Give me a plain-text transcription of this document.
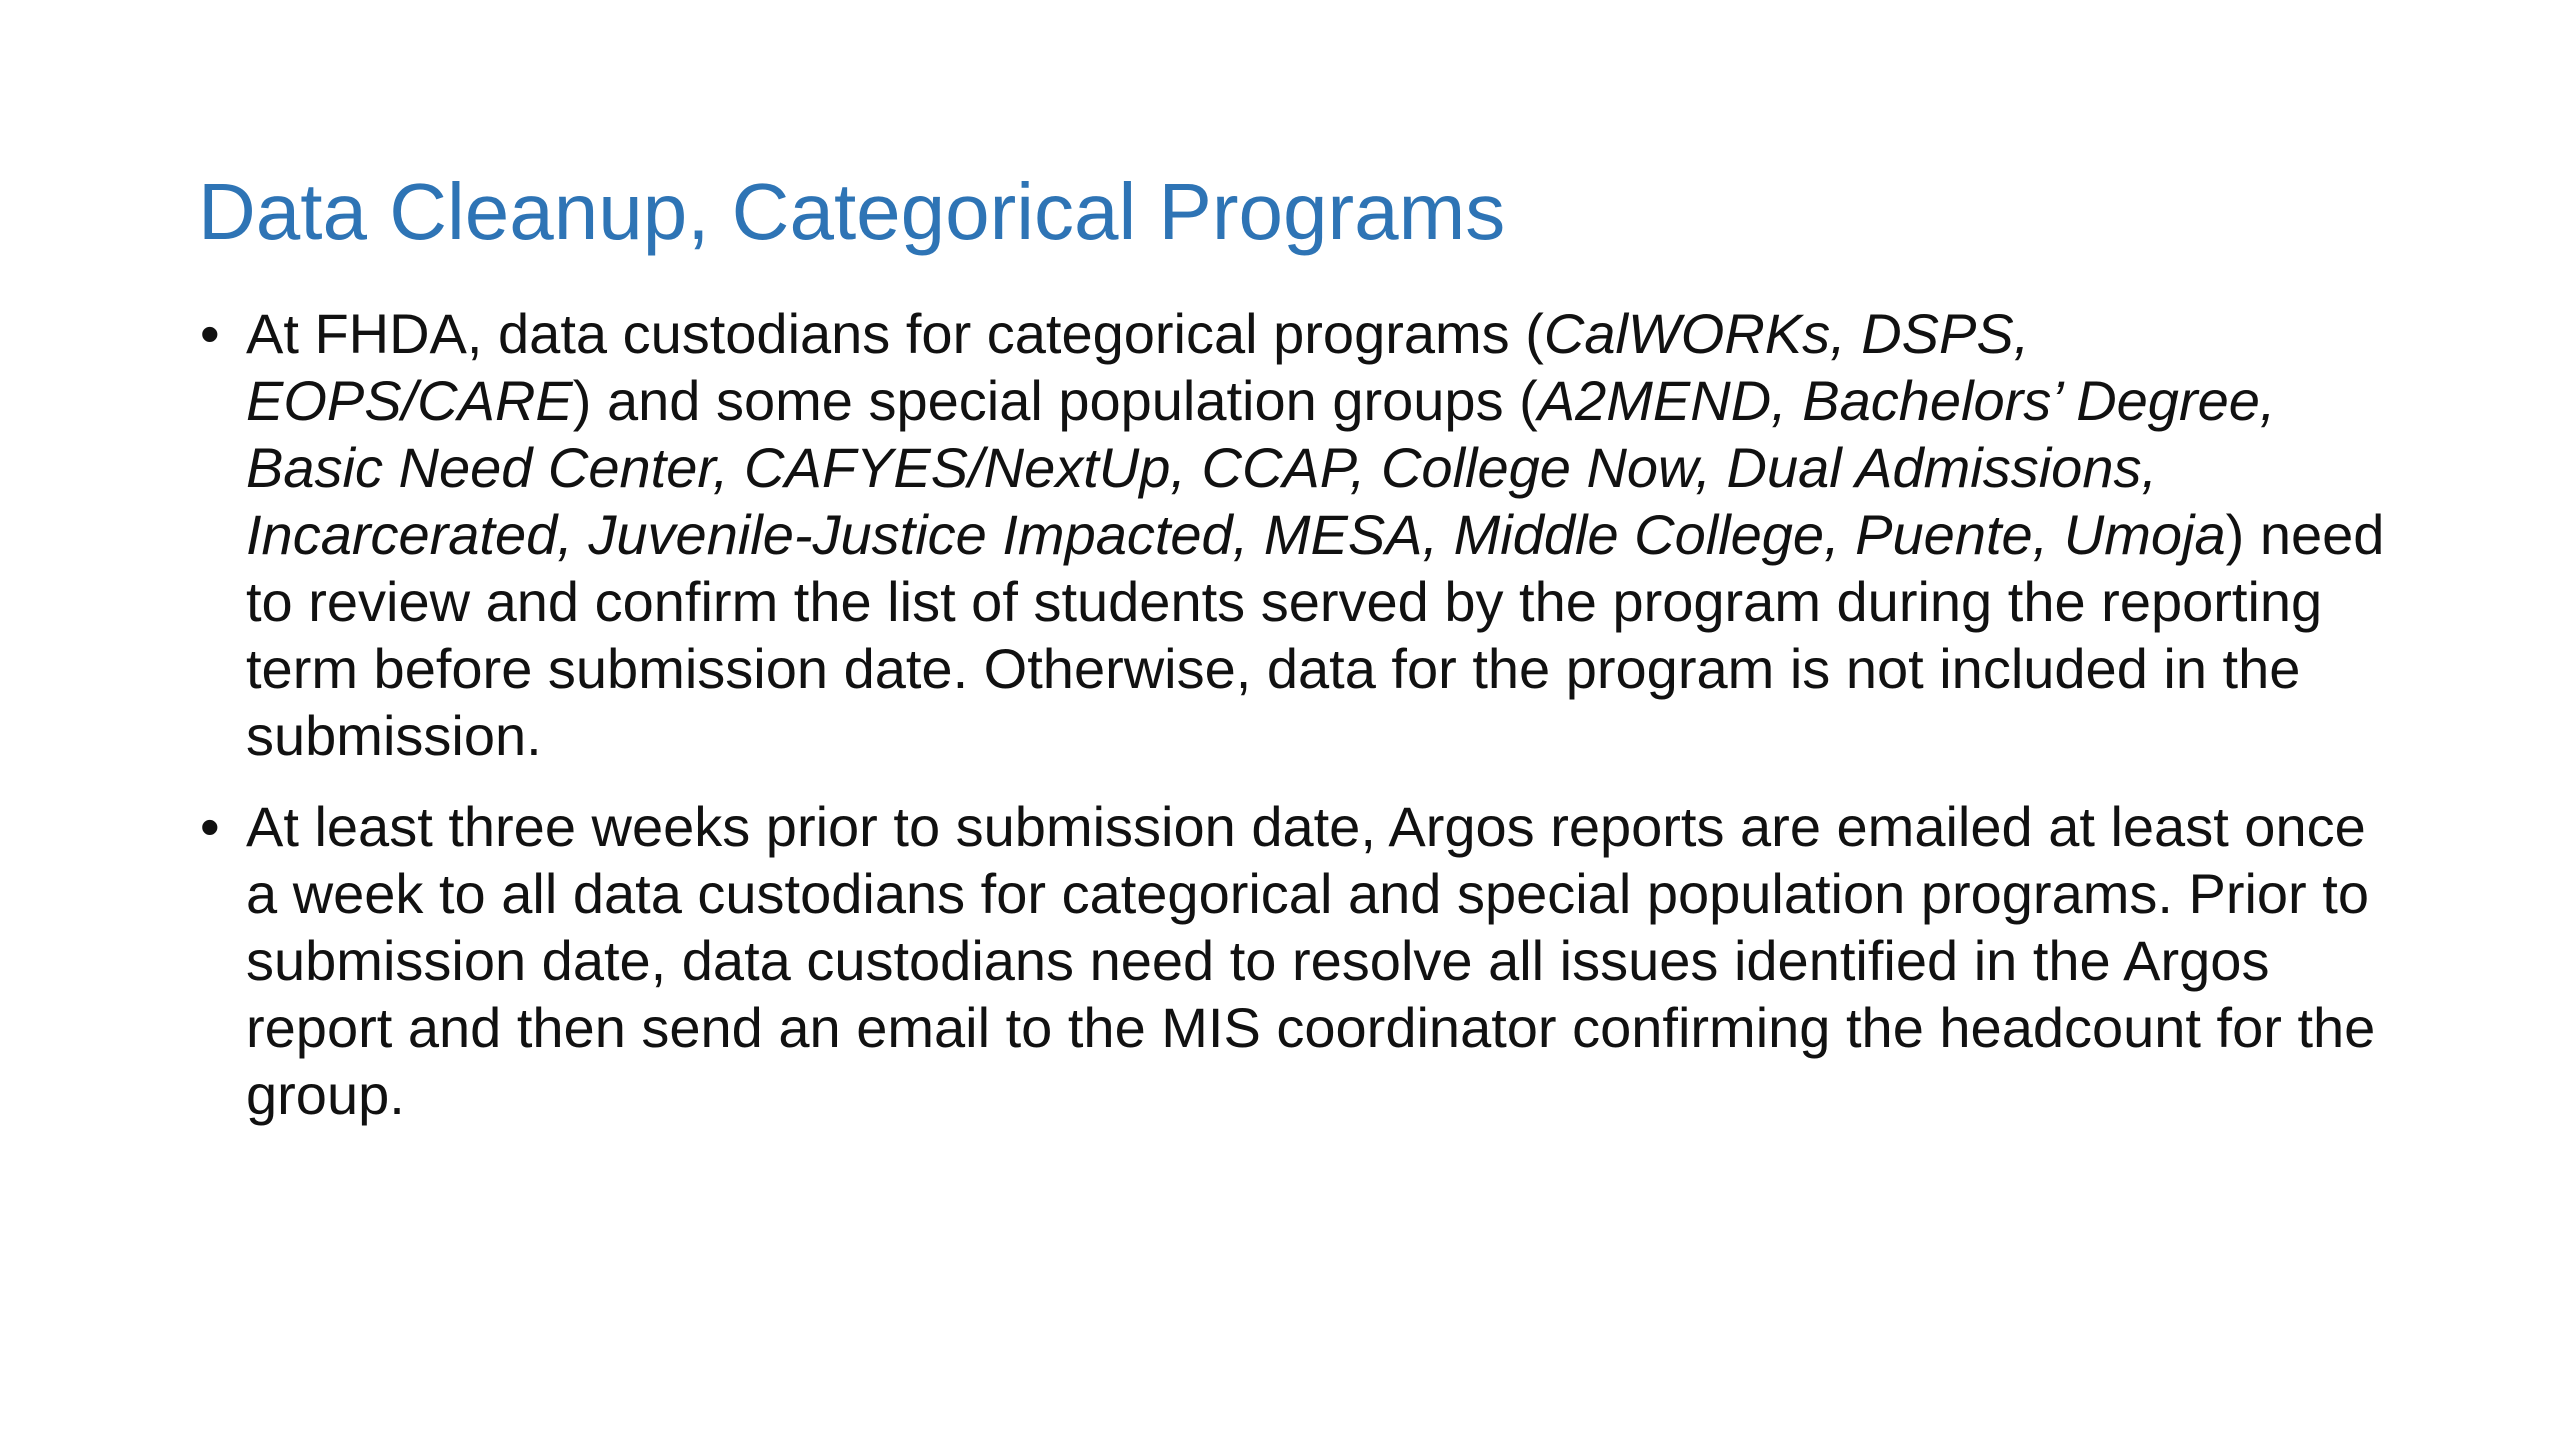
Data Cleanup, Categorical Programs
• At FHDA, data custodians for categorical programs (CalWORKs, DSPS, EOPS/CARE) and some special population groups (A2MEND, Bachelors’ Degree, Basic Need Center, CAFYES/NextUp, CCAP, College Now, Dual Admissions, Incarcerated, Juvenile-Justice Impacted, MESA, Middle College, Puente, Umoja) need to review and confirm the list of students served by the program during the reporting term before submission date. Otherwise, data for the program is not included in the submission.
• At least three weeks prior to submission date, Argos reports are emailed at least once a week to all data custodians for categorical and special population programs. Prior to submission date, data custodians need to resolve all issues identified in the Argos report and then send an email to the MIS coordinator confirming the headcount for the group.
